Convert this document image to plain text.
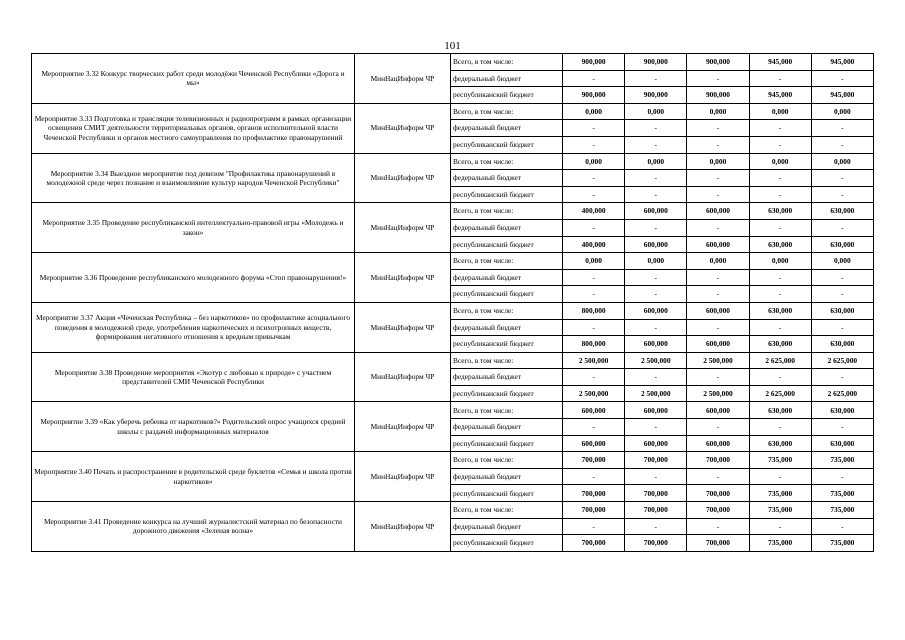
101
Мероприятие 3.32 Конкурс творческих работ среди молодёжи Чеченской Республики «Дорога и мы»	МинНацИнформ ЧР	Всего, в том числе:	900,000	900,000	900,000	945,000	945,000
		федеральный бюджет	-	-	-	-	-
		республиканский бюджет	900,000	900,000	900,000	945,000	945,000
Мероприятие 3.33 Подготовка и трансляция телевизионных и радиопрограмм в рамках организации освещения СМИТ деятельности территориальных органов, органов исполнительной власти Чеченской Республики и органов местного самоуправления по профилактике правонарушений	МинНацИнформ ЧР	Всего, в том числе:	0,000	0,000	0,000	0,000	0,000
		федеральный бюджет	-	-	-	-	-
		республиканский бюджет	-	-	-	-	-
Мероприятие 3.34 Выездное мероприятие под девизом "Профилактика правонарушений в молодежной среде через познание и взаимовлияние культур народов Чеченской Республики"	МинНацИнформ ЧР	Всего, в том числе:	0,000	0,000	0,000	0,000	0,000
		федеральный бюджет	-	-	-	-	-
		республиканский бюджет	-	-	-	-	-
Мероприятие 3.35 Проведение республиканской интеллектуально-правовой игры «Молодежь и закон»	МинНацИнформ ЧР	Всего, в том числе:	400,000	600,000	600,000	630,000	630,000
		федеральный бюджет	-	-	-	-	-
		республиканский бюджет	400,000	600,000	600,000	630,000	630,000
Мероприятие 3.36 Проведение республиканского молодежного форума «Стоп правонарушения!»	МинНацИнформ ЧР	Всего, в том числе:	0,000	0,000	0,000	0,000	0,000
		федеральный бюджет	-	-	-	-	-
		республиканский бюджет	-	-	-	-	-
Мероприятие 3.37 Акция «Чеченская Республика – без наркотиков» по профилактике асоциального поведения в молодежной среде, употребления наркотических и психотропных веществ, формирования негативного отношения к вредным привычкам	МинНацИнформ ЧР	Всего, в том числе:	800,000	600,000	600,000	630,000	630,000
		федеральный бюджет	-	-	-	-	-
		республиканский бюджет	800,000	600,000	600,000	630,000	630,000
Мероприятие 3.38 Проведение мероприятия «Экотур с любовью к природе» с участием представителей СМИ Чеченской Республики	МинНацИнформ ЧР	Всего, в том числе:	2 500,000	2 500,000	2 500,000	2 625,000	2 625,000
		федеральный бюджет	-	-	-	-	-
		республиканский бюджет	2 500,000	2 500,000	2 500,000	2 625,000	2 625,000
Мероприятие 3.39 «Как уберечь ребенка от наркотиков?» Родительский опрос учащихся средней школы с раздачей информационных материалов	МинНацИнформ ЧР	Всего, в том числе:	600,000	600,000	600,000	630,000	630,000
		федеральный бюджет	-	-	-	-	-
		республиканский бюджет	600,000	600,000	600,000	630,000	630,000
Мероприятие 3.40 Печать и распространение в родительской среде буклетов «Семья и школа против наркотиков»	МинНацИнформ ЧР	Всего, в том числе:	700,000	700,000	700,000	735,000	735,000
		федеральный бюджет	-	-	-	-	-
		республиканский бюджет	700,000	700,000	700,000	735,000	735,000
Мероприятие 3.41 Проведение конкурса на лучший журналистский материал по безопасности дорожного движения «Зеленая волна»	МинНацИнформ ЧР	Всего, в том числе:	700,000	700,000	700,000	735,000	735,000
		федеральный бюджет	-	-	-	-	-
		республиканский бюджет	700,000	700,000	700,000	735,000	735,000
